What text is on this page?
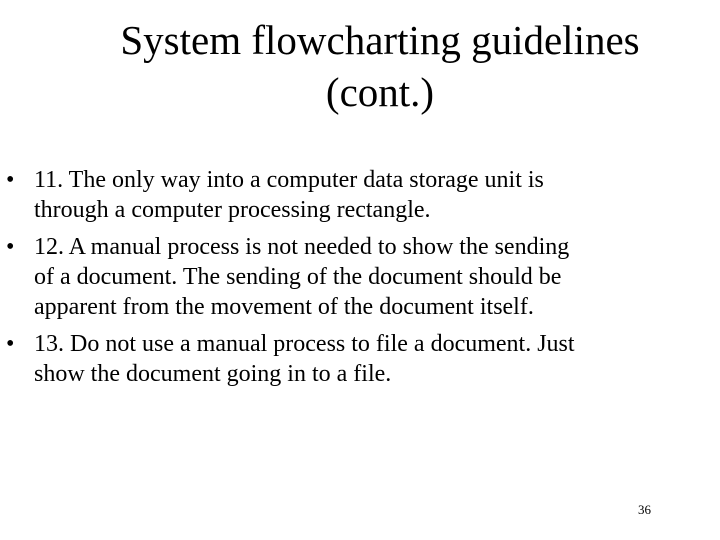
System flowcharting guidelines
(cont.)
• 11. The only way into a computer data storage unit is
through a computer processing rectangle.
• 12. A manual process is not needed to show the sending
of a document. The sending of the document should be
apparent from the movement of the document itself.
• 13. Do not use a manual process to file a document. Just
show the document going in to a file.
36
